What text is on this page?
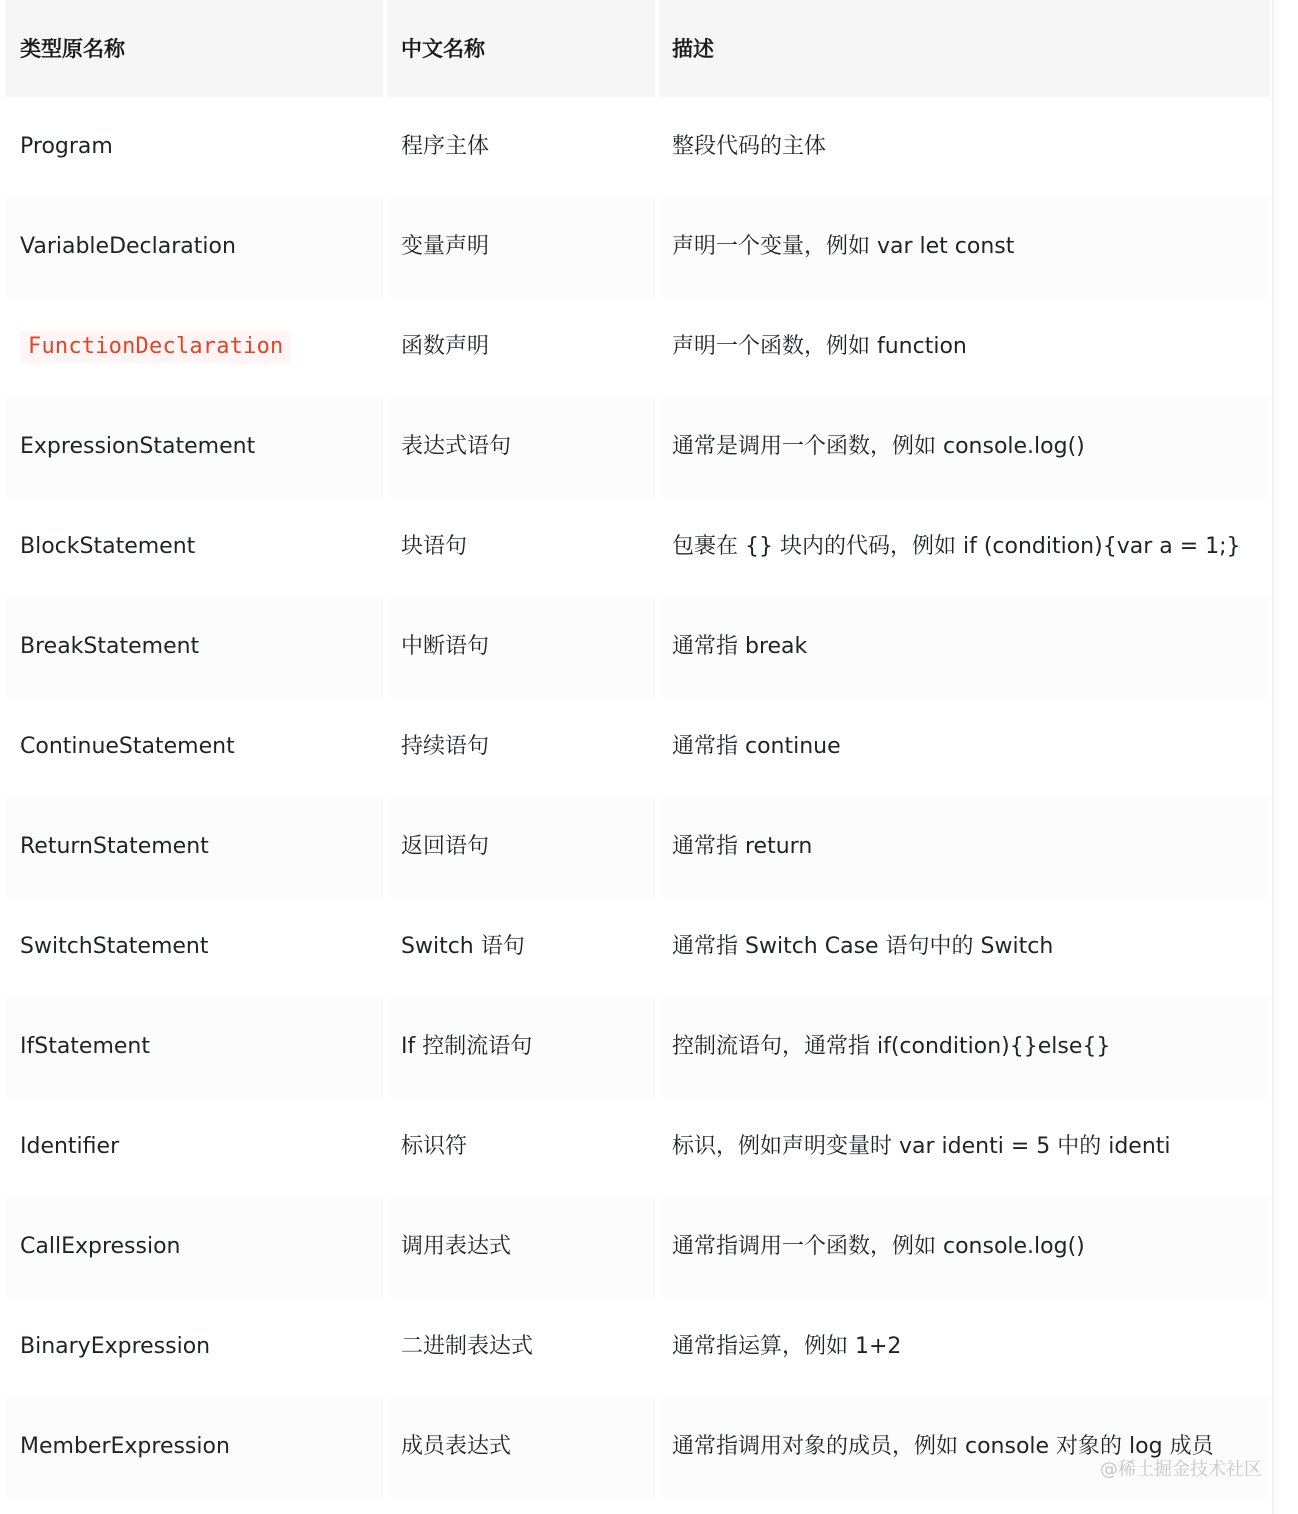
类型原名称	中文名称	描述
Program	程序主体	整段代码的主体
VariableDeclaration	变量声明	声明一个变量，例如 var let const
FunctionDeclaration	函数声明	声明一个函数，例如 function
ExpressionStatement	表达式语句	通常是调用一个函数，例如 console.log()
BlockStatement	块语句	包裹在 {} 块内的代码，例如 if (condition){var a = 1;}
BreakStatement	中断语句	通常指 break
ContinueStatement	持续语句	通常指 continue
ReturnStatement	返回语句	通常指 return
SwitchStatement	Switch 语句	通常指 Switch Case 语句中的 Switch
IfStatement	If 控制流语句	控制流语句，通常指 if(condition){}else{}
Identifier	标识符	标识，例如声明变量时 var identi = 5 中的 identi
CallExpression	调用表达式	通常指调用一个函数，例如 console.log()
BinaryExpression	二进制表达式	通常指运算，例如 1+2
MemberExpression	成员表达式	通常指调用对象的成员，例如 console 对象的 log 成员
@稀土掘金技术社区
